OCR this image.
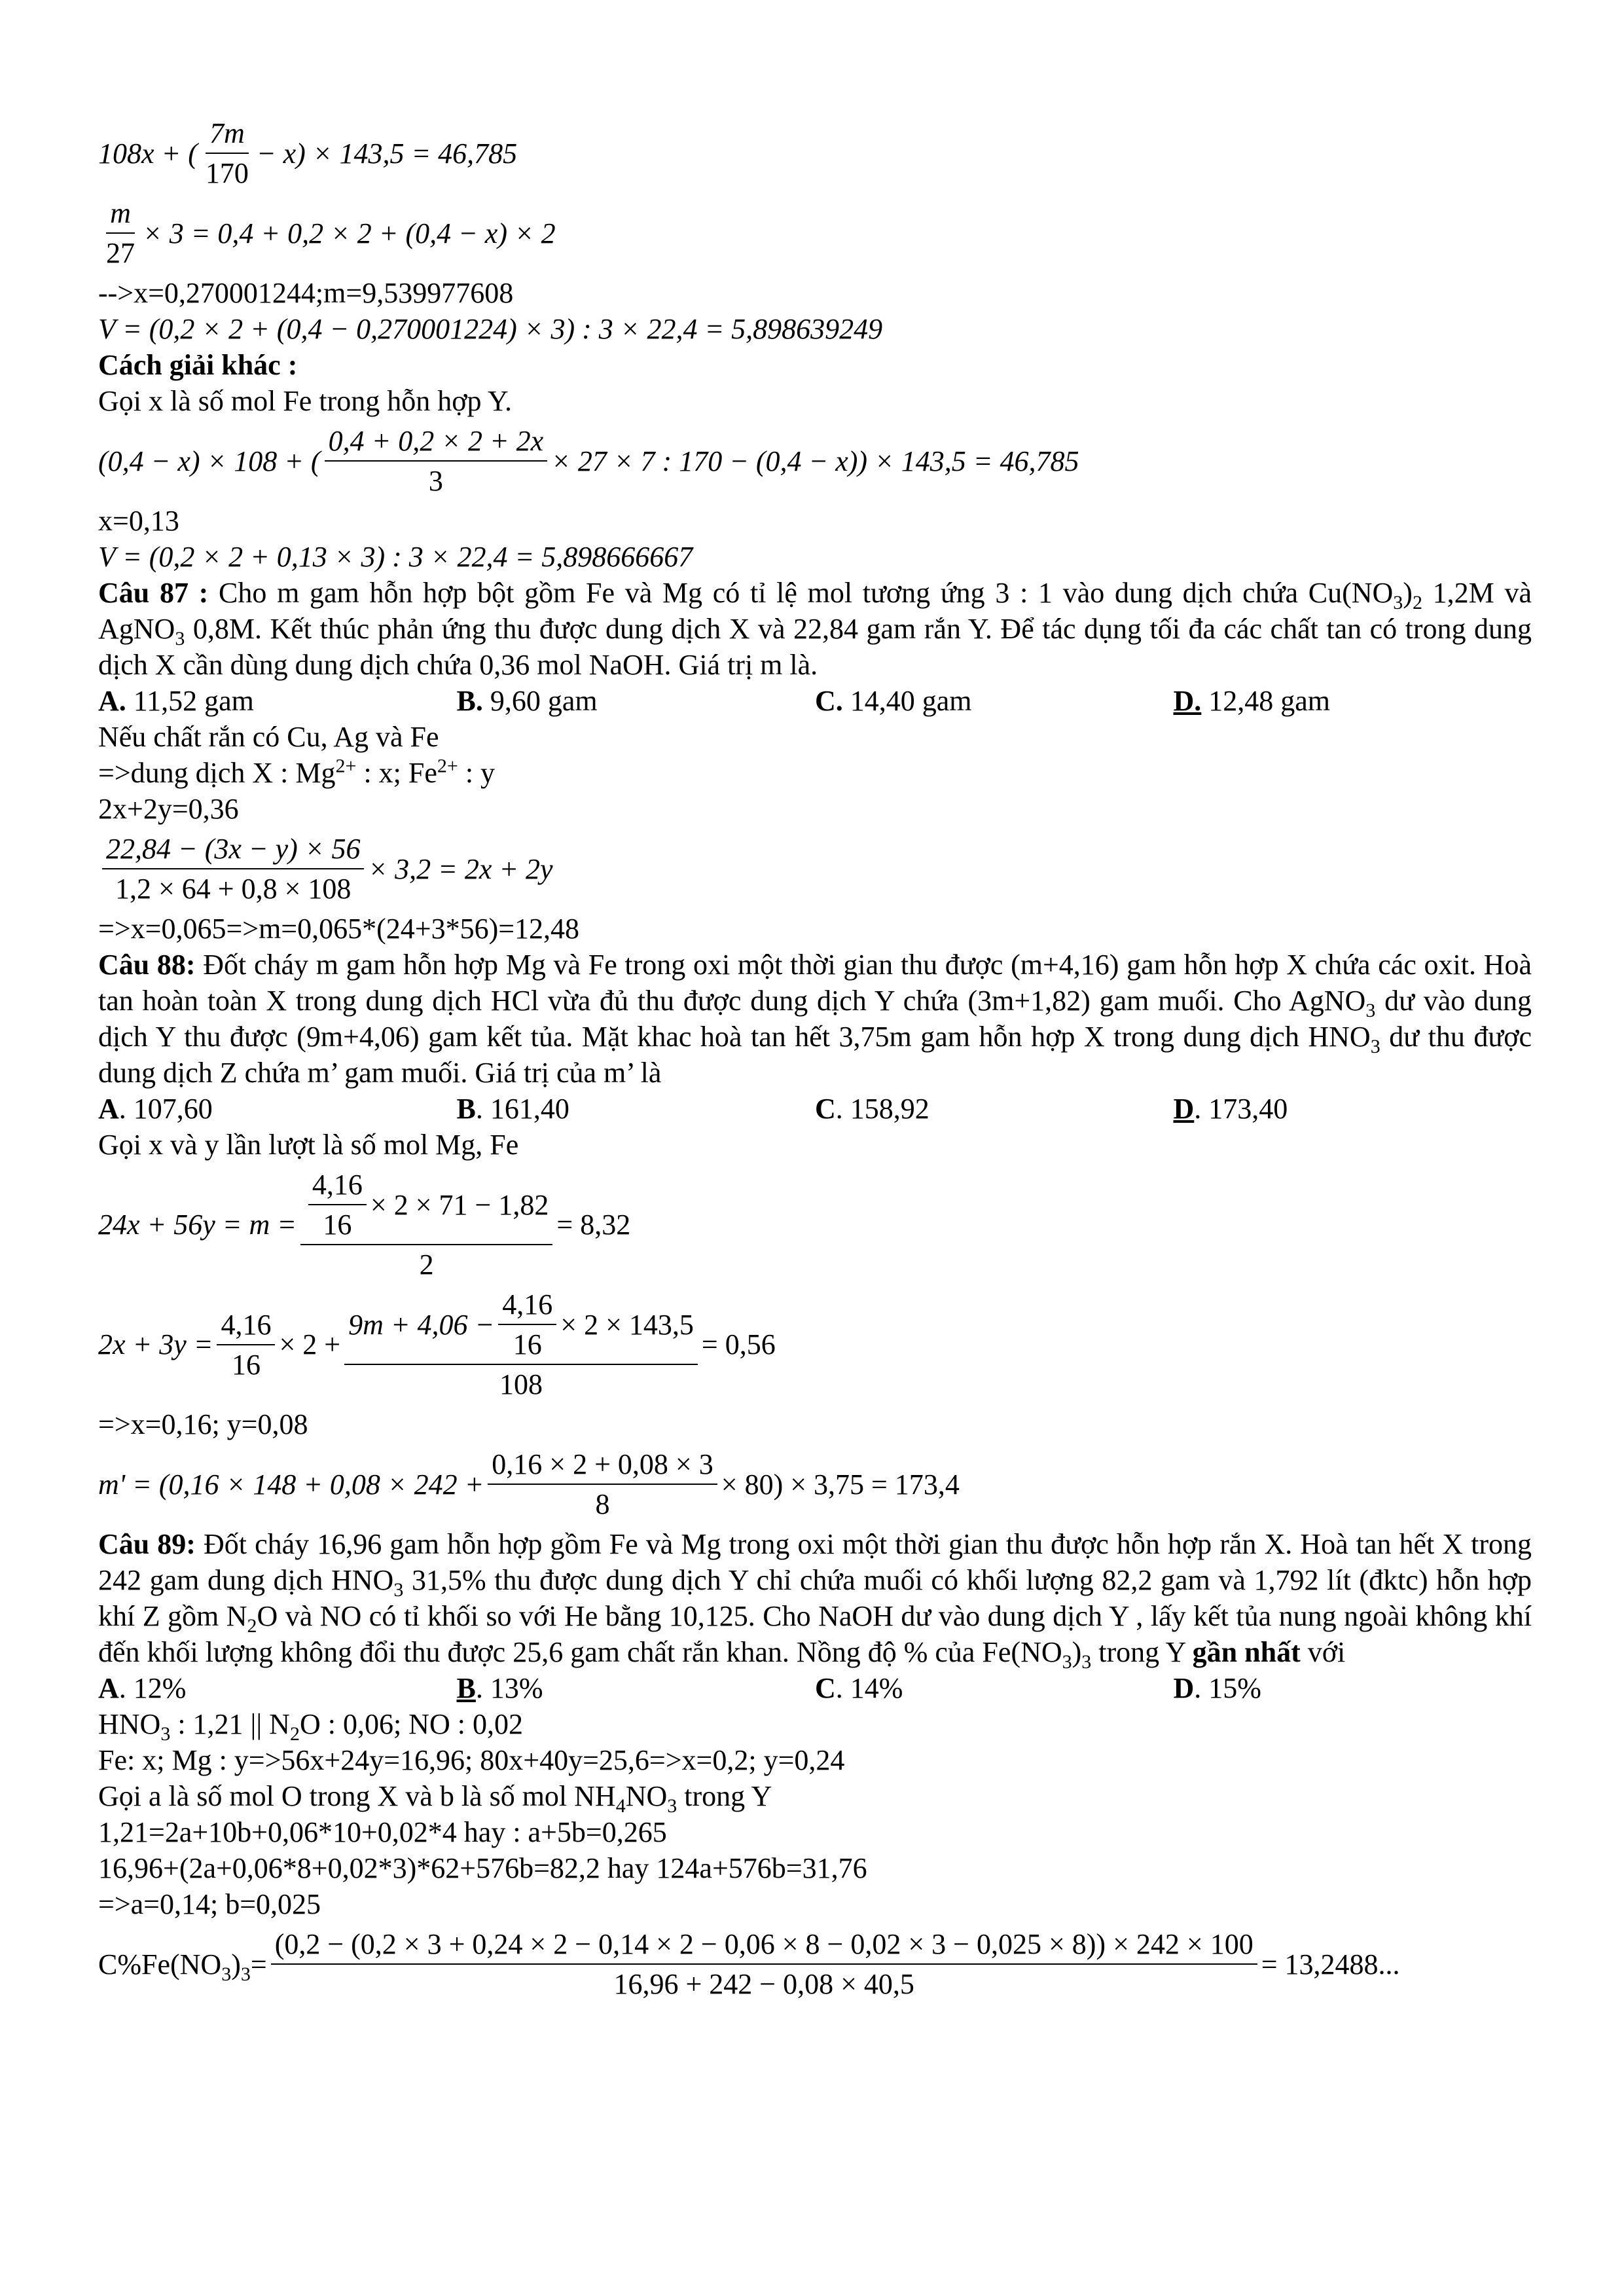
108x + ( $\frac{7m}{170} - x) \times 143,5 = 46,785$
$\frac{m}{27} \times 3 = 0,4 + 0,2 \times 2 + (0,4 - x) \times 2$
-->x=0,270001244;m=9,539977608
V = (0,2 × 2 + (0,4 − 0,270001224) × 3) : 3 × 22,4 = 5,898639249
Cách giải khác :
Gọi x là số mol Fe trong hỗn hợp Y.
(0,4 − x) × 108 + ( $\frac{0,4 + 0,2 \times 2 + 2x}{3} \times 27 \times 7$ : 170 − (0,4 − x)) × 143,5 = 46,785
x=0,13
V = (0,2 × 2 + 0,13 × 3) : 3 × 22,4 = 5,898666667
Câu 87 : Cho m gam hỗn hợp bột gồm Fe và Mg có tỉ lệ mol tương ứng 3 : 1 vào dung dịch chứa $Cu(NO_3)_2$ 1,2M và AgNO$_3$ 0,8M. Kết thúc phản ứng thu được dung dịch X và 22,84 gam rắn Y. Để tác dụng tối đa các chất tan có trong dung dịch X cần dùng dung dịch chứa 0,36 mol NaOH. Giá trị m là.
A. 11,52 gam	B. 9,60 gam	C. 14,40 gam	D. 12,48 gam
Nếu chất rắn có Cu, Ag và Fe
=>dung dịch X : $Mg^{2+}$ : x; $Fe^{2+}$ : y
2x+2y=0,36
$\frac{22,84 - (3x - y) \times 56}{1,2 \times 64 + 0,8 \times 108} \times 3,2 = 2x + 2y$
=>x=0,065=>m=0,065*(24+3*56)=12,48
Câu 88: Đốt cháy m gam hỗn hợp Mg và Fe trong oxi một thời gian thu được (m+4,16) gam hỗn hợp X chứa các oxit. Hoà tan hoàn toàn X trong dung dịch HCl vừa đủ thu được dung dịch Y chứa (3m+1,82) gam muối. Cho AgNO$_3$ dư vào dung dịch Y thu được (9m+4,06) gam kết tủa. Mặt khac hoà tan hết 3,75m gam hỗn hợp X trong dung dịch $HNO_3$ dư thu được dung dịch Z chứa m’ gam muối. Giá trị của m’ là
A. 107,60	B. 161,40	C. 158,92	D. 173,40
Gọi x và y lần lượt là số mol Mg, Fe
$24x + 56y = m = \frac{\frac{4,16}{16} \times 2 \times 71 - 1,82}{2} = 8,32$
$2x + 3y = \frac{4,16}{16} \times 2$ +
$9m + 4,06 - \frac{4,16}{16} \times 2 \times 143,5$
108
= 0,56
=>x=0,16; y=0,08
$m' = (0,16 \times 148 + 0,08 \times 242 + \frac{0,16 \times 2 + 0,08 \times 3}{8} \times 80) \times 3,75 = 173,4$
Câu 89: Đốt cháy 16,96 gam hỗn hợp gồm Fe và Mg trong oxi một thời gian thu được hỗn hợp rắn X. Hoà tan hết X trong 242 gam dung dịch $HNO_3$ 31,5% thu được dung dịch Y chỉ chứa muối có khối lượng 82,2 gam và 1,792 lít (đktc) hỗn hợp khí Z gồm $N_2O$ và NO có tỉ khối so với He bằng 10,125. Cho NaOH dư vào dung dịch Y , lấy kết tủa nung ngoài không khí đến khối lượng không đổi thu được 25,6 gam chất rắn khan. Nồng độ % của $Fe(NO_3)_3$ trong Y gần nhất với
A. 12%	B. 13%	C. 14%	D. 15%
$HNO_3$ : 1,21 || $N_2O$ : 0,06; NO : 0,02
Fe: x; Mg : y=>56x+24y=16,96; 80x+40y=25,6=>x=0,2; y=0,24
Gọi a là số mol O trong X và b là số mol $NH_4NO_3$ trong Y
1,21=2a+10b+0,06*10+0,02*4 hay : a+5b=0,265
16,96+(2a+0,06*8+0,02*3)*62+576b=82,2 hay 124a+576b=31,76
=>a=0,14; b=0,025
$C\%Fe(NO_3)_3=$
(0,2 − (0,2 × 3 + 0,24 × 2 − 0,14 × 2 − 0,06 × 8 − 0,02 × 3 − 0,025 × 8)) × 242 × 100
16,96 + 242 − 0,08 × 40,5
= 13,2488...
